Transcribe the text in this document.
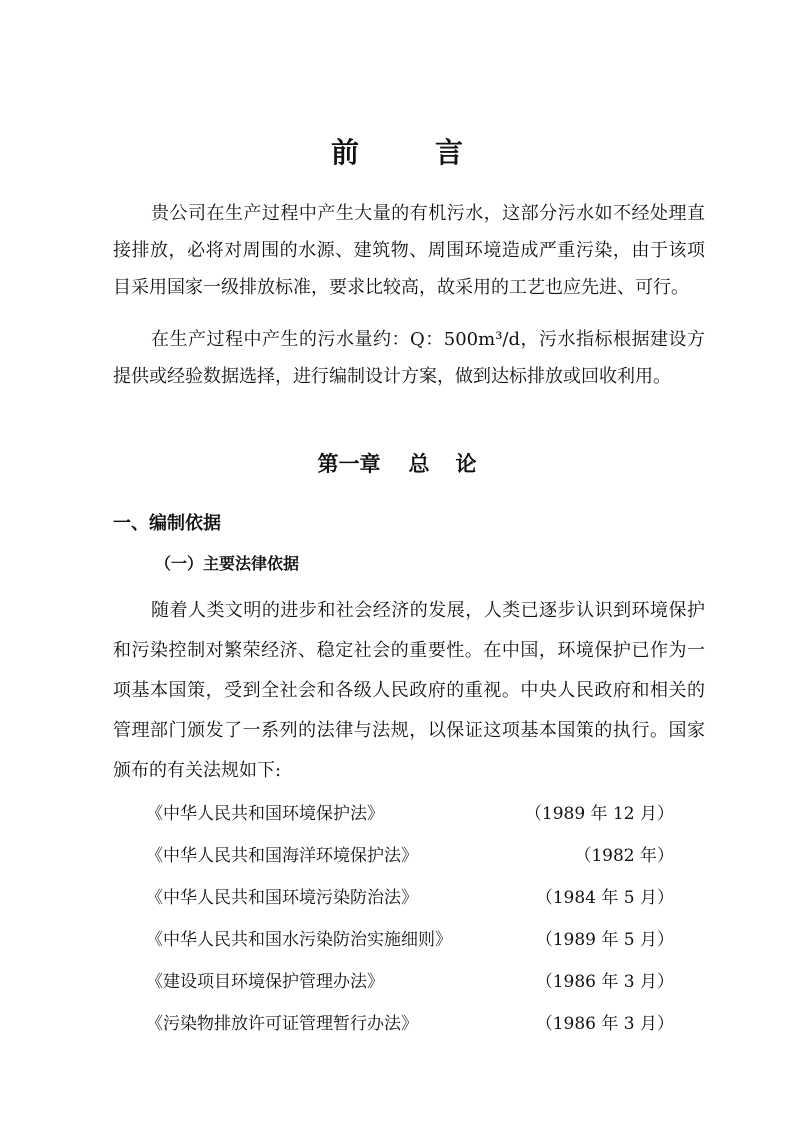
前	言

贵公司在生产过程中产生大量的有机污水，这部分污水如不经处理直接排放，必将对周围的水源、建筑物、周围环境造成严重污染，由于该项目采用国家一级排放标准，要求比较高，故采用的工艺也应先进、可行。

在生产过程中产生的污水量约：Q：500m³/d，污水指标根据建设方提供或经验数据选择，进行编制设计方案，做到达标排放或回收利用。

第一章 总 论
一、编制依据
（一）主要法律依据

随着人类文明的进步和社会经济的发展，人类已逐步认识到环境保护和污染控制对繁荣经济、稳定社会的重要性。在中国，环境保护已作为一项基本国策，受到全社会和各级人民政府的重视。中央人民政府和相关的管理部门颁发了一系列的法律与法规，以保证这项基本国策的执行。国家颁布的有关法规如下:

《中华人民共和国环境保护法》	（1989 年 12 月）
《中华人民共和国海洋环境保护法》	（1982 年）
《中华人民共和国环境污染防治法》	（1984 年 5 月）
《中华人民共和国水污染防治实施细则》	（1989 年 5 月）
《建设项目环境保护管理办法》	（1986 年 3 月）
《污染物排放许可证管理暂行办法》	（1986 年 3 月）
